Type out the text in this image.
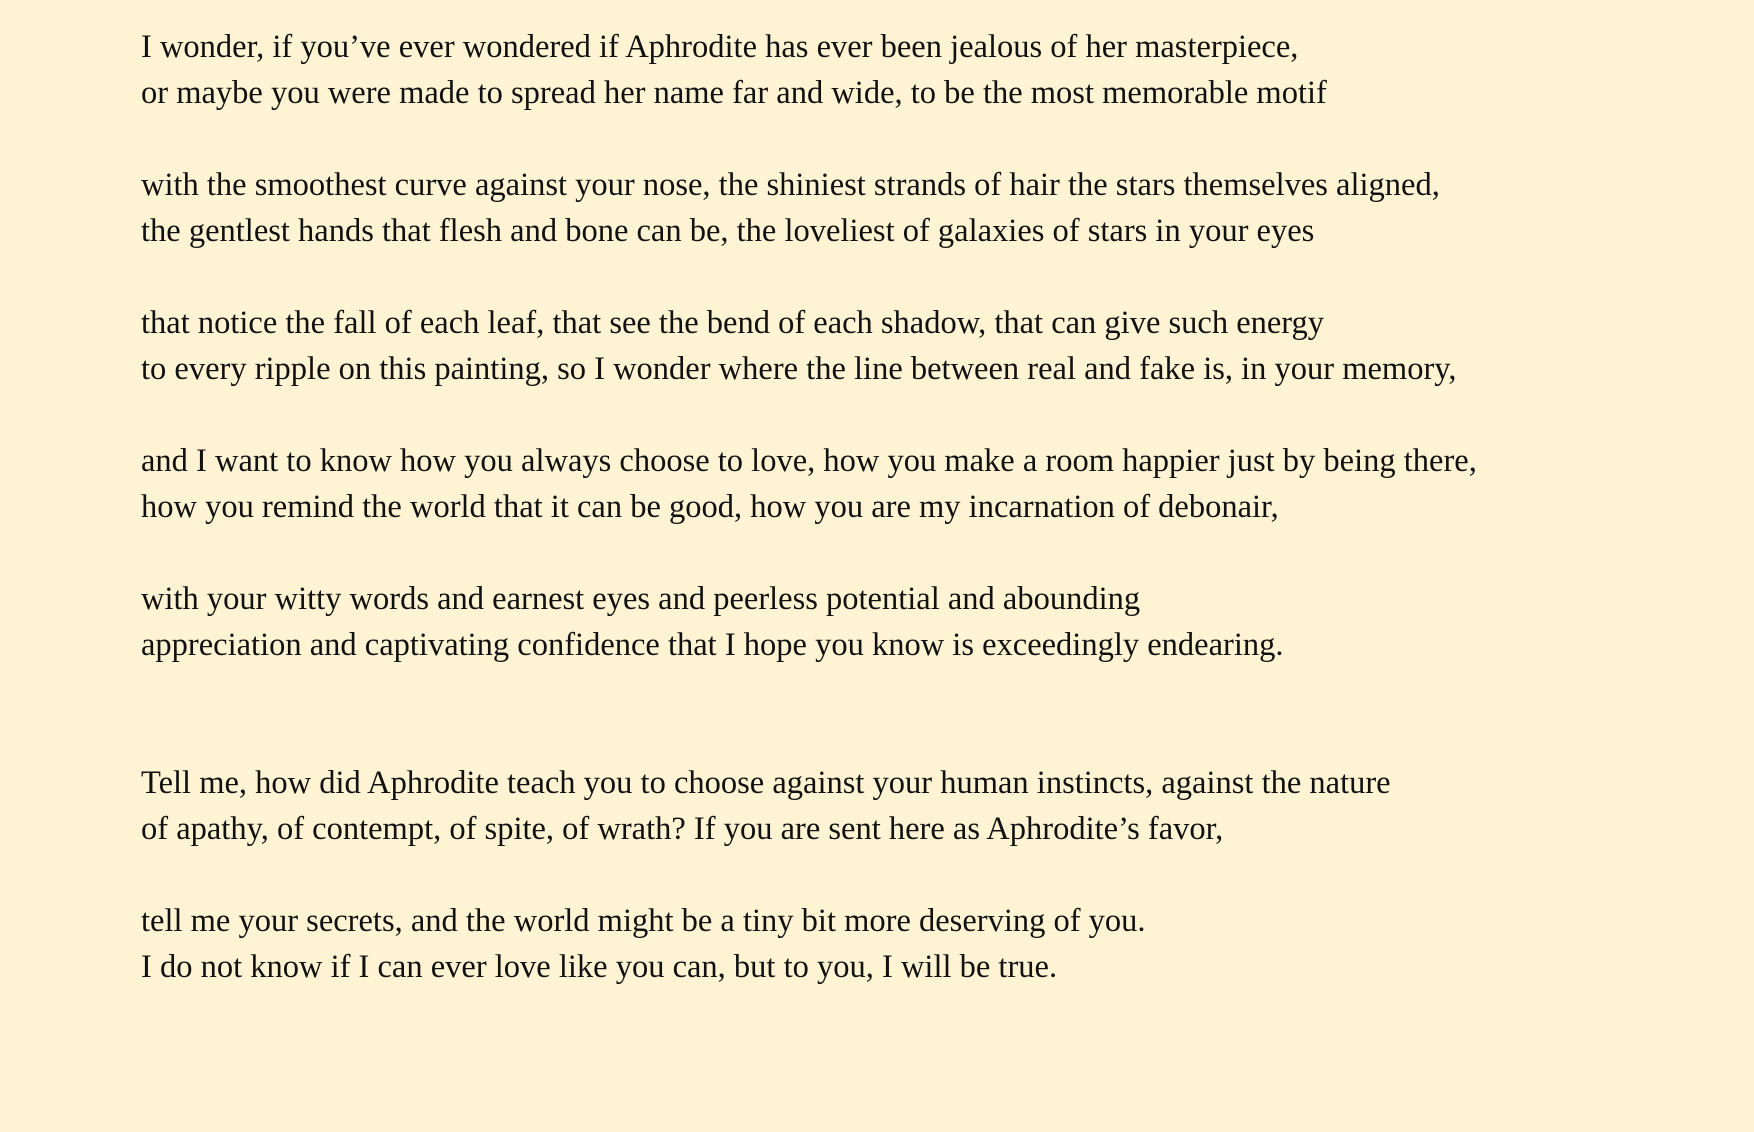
I wonder, if you’ve ever wondered if Aphrodite has ever been jealous of her masterpiece,
or maybe you were made to spread her name far and wide, to be the most memorable motif

with the smoothest curve against your nose, the shiniest strands of hair the stars themselves aligned,
the gentlest hands that flesh and bone can be, the loveliest of galaxies of stars in your eyes

that notice the fall of each leaf, that see the bend of each shadow, that can give such energy
to every ripple on this painting, so I wonder where the line between real and fake is, in your memory,

and I want to know how you always choose to love, how you make a room happier just by being there,
how you remind the world that it can be good, how you are my incarnation of debonair,

with your witty words and earnest eyes and peerless potential and abounding
appreciation and captivating confidence that I hope you know is exceedingly endearing.

Tell me, how did Aphrodite teach you to choose against your human instincts, against the nature
of apathy, of contempt, of spite, of wrath? If you are sent here as Aphrodite’s favor,

tell me your secrets, and the world might be a tiny bit more deserving of you.
I do not know if I can ever love like you can, but to you, I will be true.
